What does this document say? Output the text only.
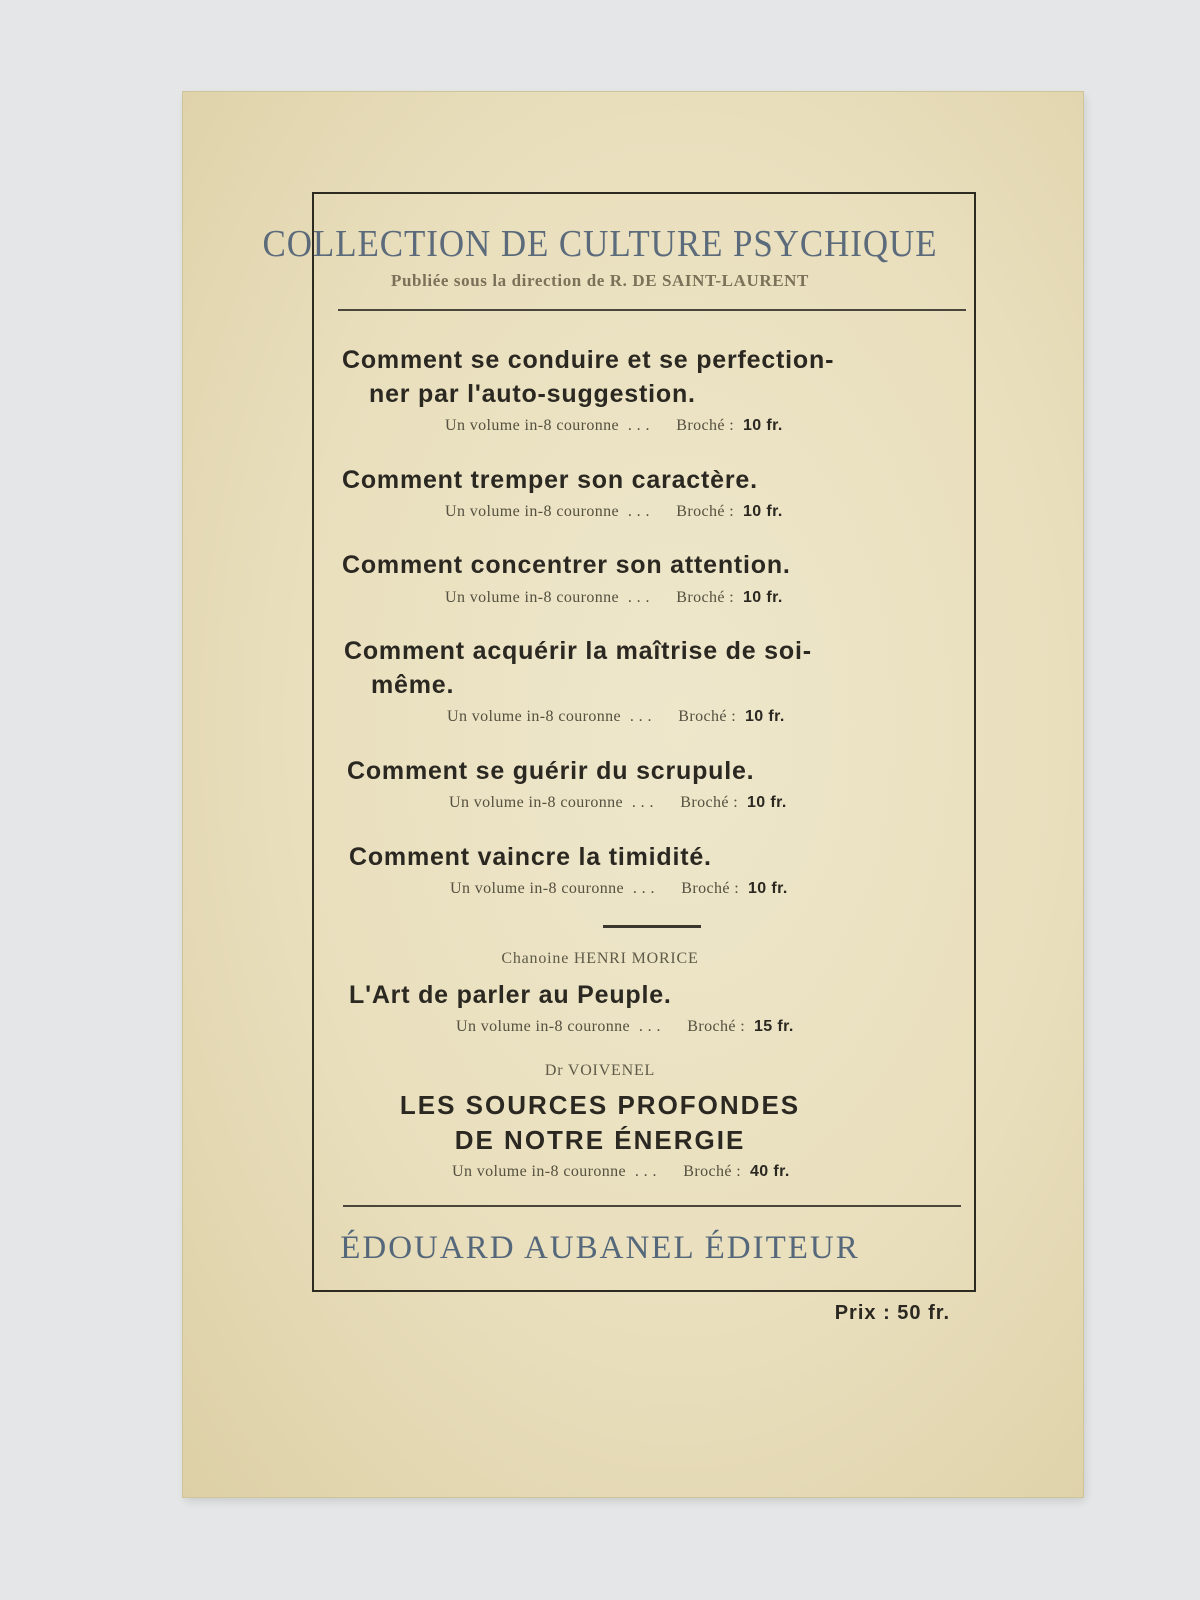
COLLECTION DE CULTURE PSYCHIQUE

Publiée sous la direction de R. DE SAINT-LAURENT

Comment se conduire et se perfection-

ner par l'auto-suggestion.

Un volume in-8 couronne . . . Broché : 10 fr.

Comment tremper son caractère.

Un volume in-8 couronne . . . Broché : 10 fr.

Comment concentrer son attention.

Un volume in-8 couronne . . . Broché : 10 fr.

Comment acquérir la maîtrise de soi-

même.

Un volume in-8 couronne . . . Broché : 10 fr.

Comment se guérir du scrupule.

Un volume in-8 couronne . . . Broché : 10 fr.

Comment vaincre la timidité.

Un volume in-8 couronne . . . Broché : 10 fr.
Chanoine HENRI MORICE

L'Art de parler au Peuple.

Un volume in-8 couronne . . . Broché : 15 fr.
Dr VOIVENEL
LES SOURCES PROFONDES
DE NOTRE ÉNERGIE
Un volume in-8 couronne . . . Broché : 40 fr.
ÉDOUARD AUBANEL ÉDITEUR
Prix : 50 fr.
